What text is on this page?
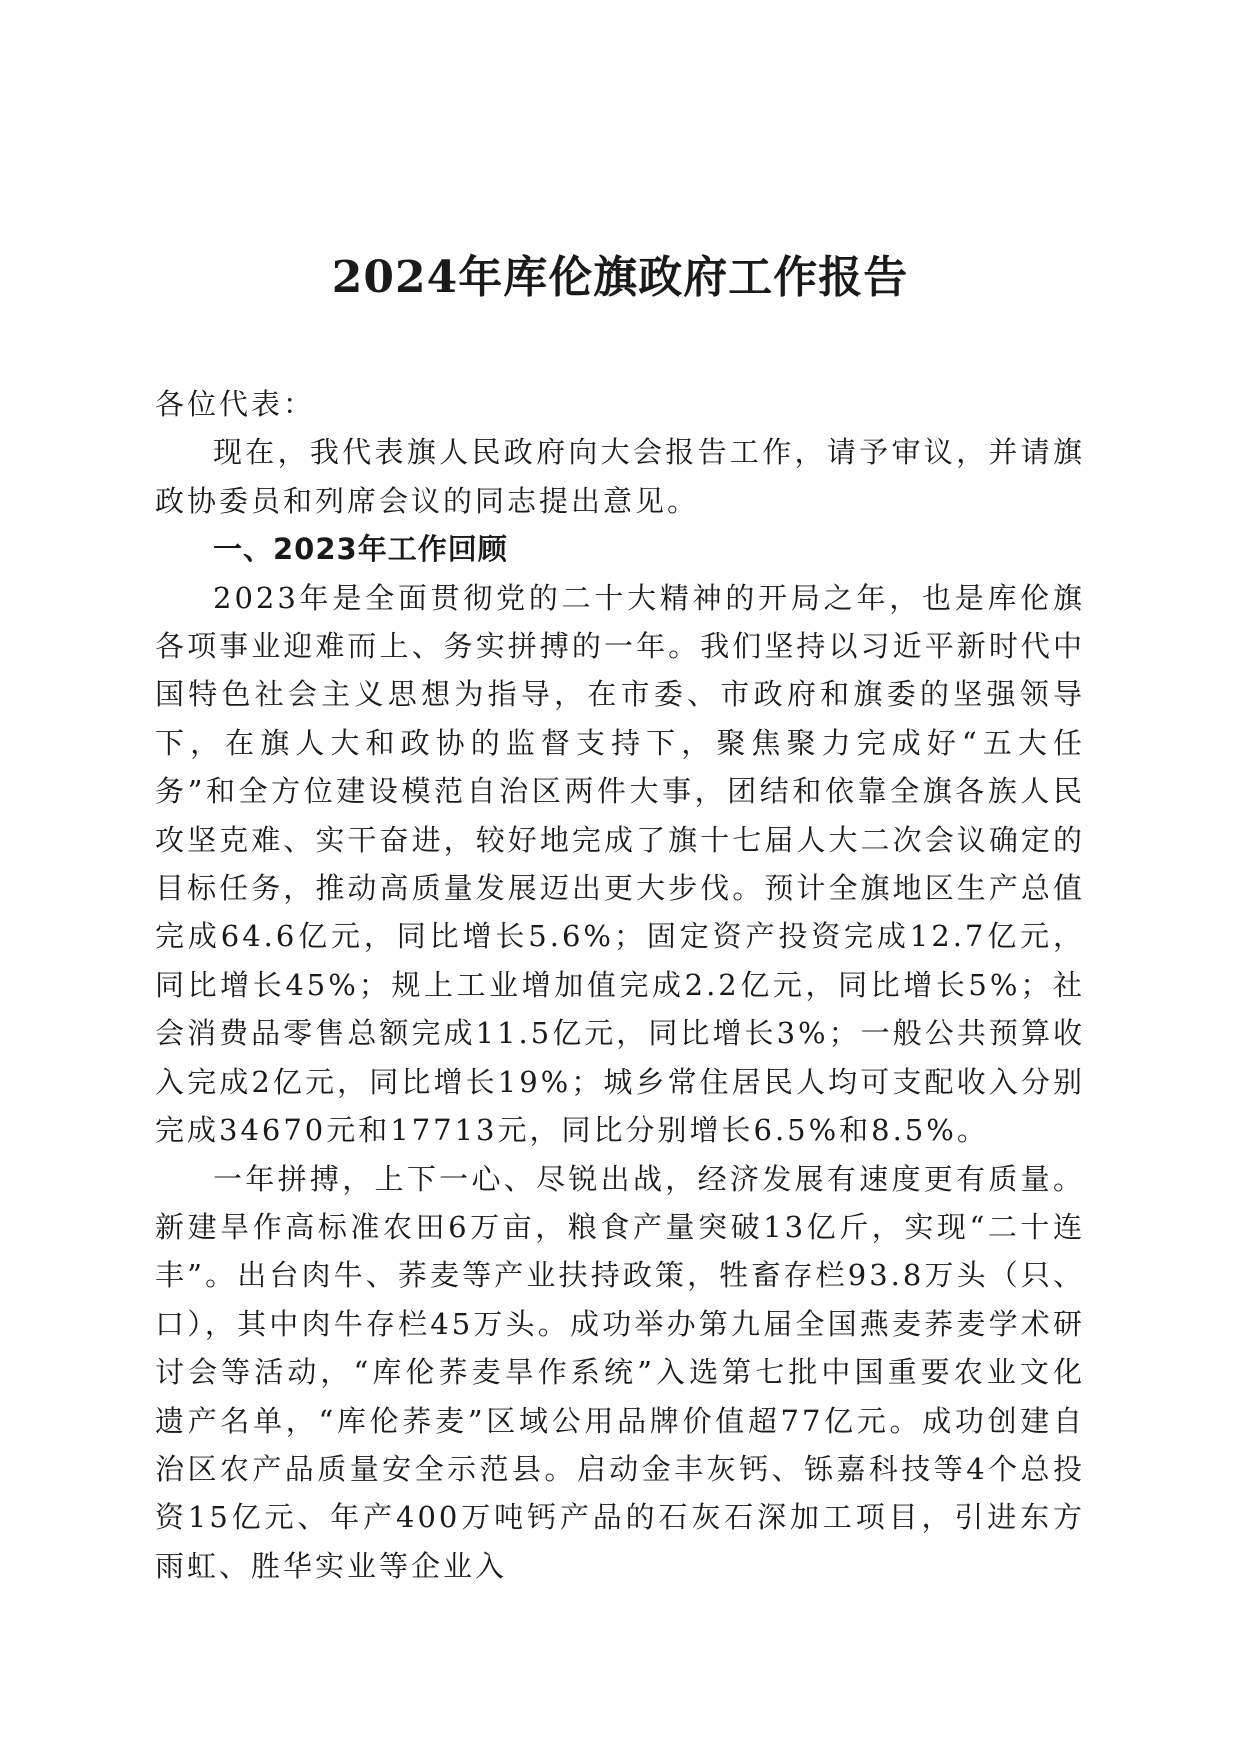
2024年库伦旗政府工作报告

各位代表：

现在，我代表旗人民政府向大会报告工作，请予审议，并请旗政协委员和列席会议的同志提出意见。

一、2023年工作回顾

2023年是全面贯彻党的二十大精神的开局之年，也是库伦旗各项事业迎难而上、务实拼搏的一年。我们坚持以习近平新时代中国特色社会主义思想为指导，在市委、市政府和旗委的坚强领导下，在旗人大和政协的监督支持下，聚焦聚力完成好“五大任务”和全方位建设模范自治区两件大事，团结和依靠全旗各族人民攻坚克难、实干奋进，较好地完成了旗十七届人大二次会议确定的目标任务，推动高质量发展迈出更大步伐。预计全旗地区生产总值完成64.6亿元，同比增长5.6%；固定资产投资完成12.7亿元，同比增长45%；规上工业增加值完成2.2亿元，同比增长5%；社会消费品零售总额完成11.5亿元，同比增长3%；一般公共预算收入完成2亿元，同比增长19%；城乡常住居民人均可支配收入分别完成34670元和17713元，同比分别增长6.5%和8.5%。

一年拼搏，上下一心、尽锐出战，经济发展有速度更有质量。新建旱作高标准农田6万亩，粮食产量突破13亿斤，实现“二十连丰”。出台肉牛、荞麦等产业扶持政策，牲畜存栏93.8万头（只、口），其中肉牛存栏45万头。成功举办第九届全国燕麦荞麦学术研讨会等活动，“库伦荞麦旱作系统”入选第七批中国重要农业文化遗产名单，“库伦荞麦”区域公用品牌价值超77亿元。成功创建自治区农产品质量安全示范县。启动金丰灰钙、铄嘉科技等4个总投资15亿元、年产400万吨钙产品的石灰石深加工项目，引进东方雨虹、胜华实业等企业入
